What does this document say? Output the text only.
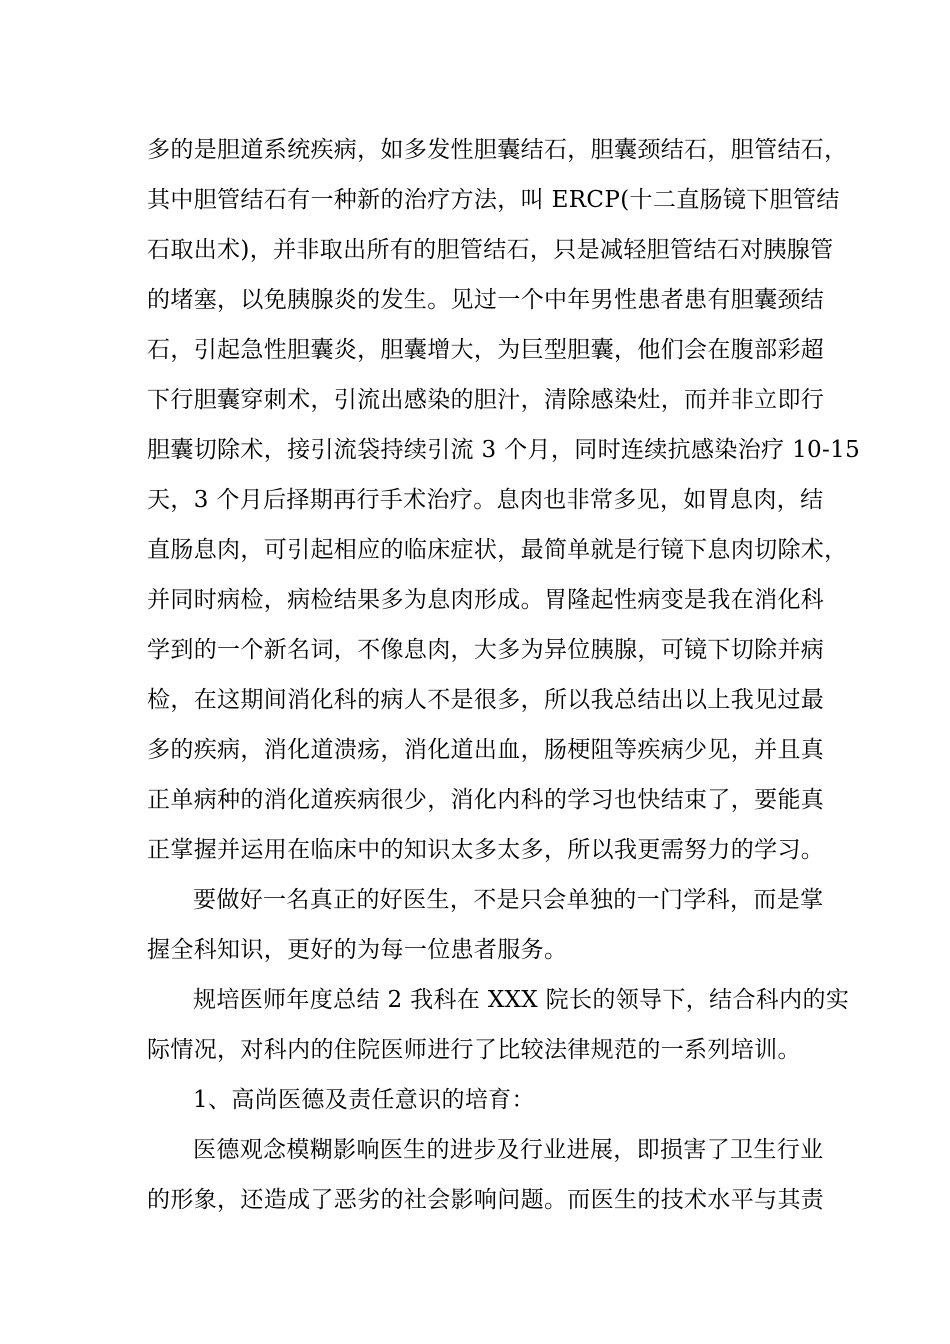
多的是胆道系统疾病，如多发性胆囊结石，胆囊颈结石，胆管结石，
其中胆管结石有一种新的治疗方法，叫 ERCP(十二直肠镜下胆管结
石取出术)，并非取出所有的胆管结石，只是减轻胆管结石对胰腺管
的堵塞，以免胰腺炎的发生。见过一个中年男性患者患有胆囊颈结
石，引起急性胆囊炎，胆囊增大，为巨型胆囊，他们会在腹部彩超
下行胆囊穿刺术，引流出感染的胆汁，清除感染灶，而并非立即行
胆囊切除术，接引流袋持续引流 3 个月，同时连续抗感染治疗 10-15
天，3 个月后择期再行手术治疗。息肉也非常多见，如胃息肉，结
直肠息肉，可引起相应的临床症状，最简单就是行镜下息肉切除术，
并同时病检，病检结果多为息肉形成。胃隆起性病变是我在消化科
学到的一个新名词，不像息肉，大多为异位胰腺，可镜下切除并病
检，在这期间消化科的病人不是很多，所以我总结出以上我见过最
多的疾病，消化道溃疡，消化道出血，肠梗阻等疾病少见，并且真
正单病种的消化道疾病很少，消化内科的学习也快结束了，要能真
正掌握并运用在临床中的知识太多太多，所以我更需努力的学习。
要做好一名真正的好医生，不是只会单独的一门学科，而是掌
握全科知识，更好的为每一位患者服务。
规培医师年度总结 2 我科在 XXX 院长的领导下，结合科内的实
际情况，对科内的住院医师进行了比较法律规范的一系列培训。
1、高尚医德及责任意识的培育：
医德观念模糊影响医生的进步及行业进展，即损害了卫生行业
的形象，还造成了恶劣的社会影响问题。而医生的技术水平与其责
